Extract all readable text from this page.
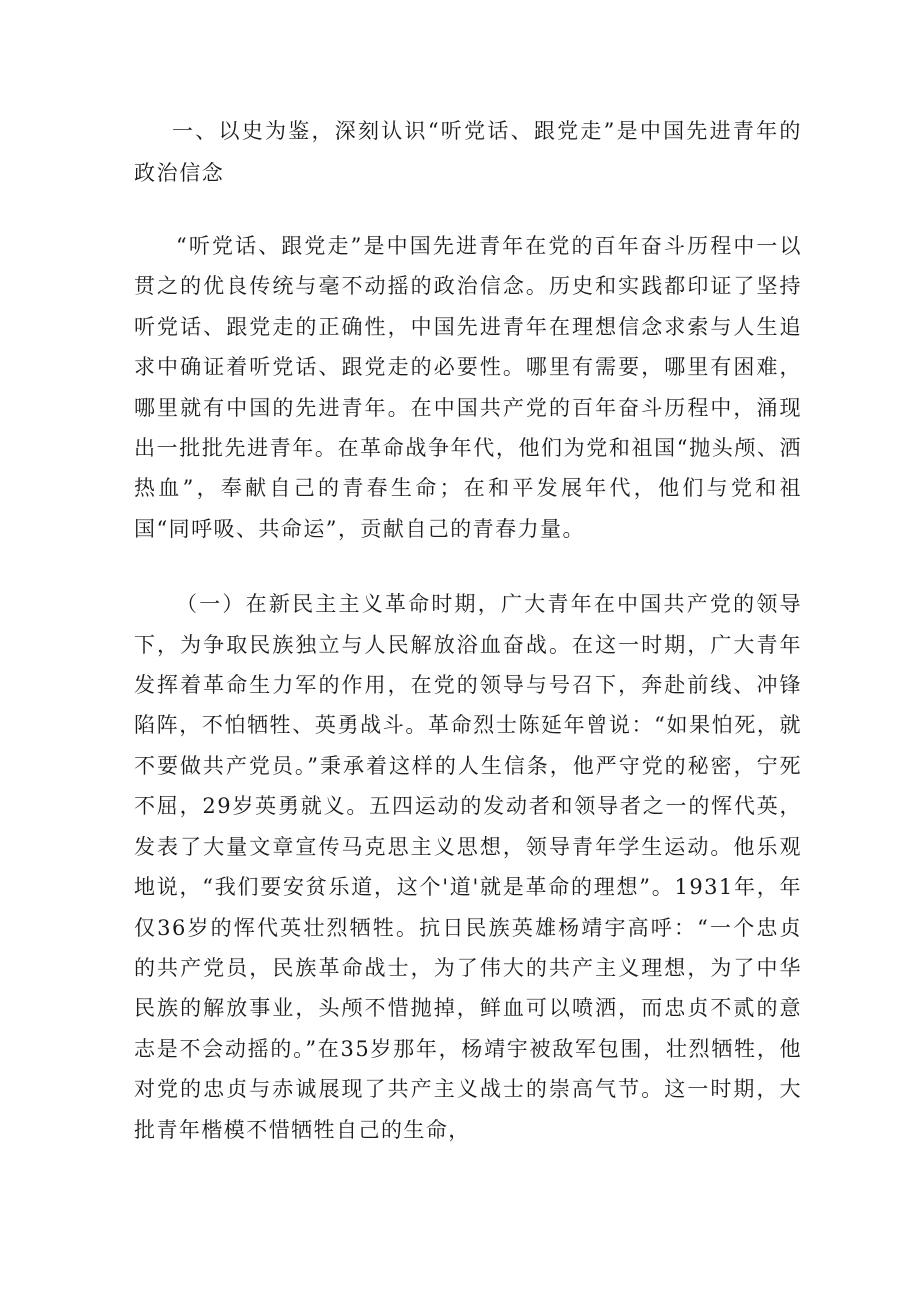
一、以史为鉴，深刻认识“听党话、跟党走”是中国先进青年的政治信念

“听党话、跟党走”是中国先进青年在党的百年奋斗历程中一以贯之的优良传统与毫不动摇的政治信念。历史和实践都印证了坚持听党话、跟党走的正确性，中国先进青年在理想信念求索与人生追求中确证着听党话、跟党走的必要性。哪里有需要，哪里有困难，哪里就有中国的先进青年。在中国共产党的百年奋斗历程中，涌现出一批批先进青年。在革命战争年代，他们为党和祖国“抛头颅、洒热血”，奉献自己的青春生命；在和平发展年代，他们与党和祖国“同呼吸、共命运”，贡献自己的青春力量。

（一）在新民主主义革命时期，广大青年在中国共产党的领导下，为争取民族独立与人民解放浴血奋战。在这一时期，广大青年发挥着革命生力军的作用，在党的领导与号召下，奔赴前线、冲锋陷阵，不怕牺牲、英勇战斗。革命烈士陈延年曾说：“如果怕死，就不要做共产党员。”秉承着这样的人生信条，他严守党的秘密，宁死不屈，29岁英勇就义。五四运动的发动者和领导者之一的恽代英，发表了大量文章宣传马克思主义思想，领导青年学生运动。他乐观地说，“我们要安贫乐道，这个'道'就是革命的理想”。1931年，年仅36岁的恽代英壮烈牺牲。抗日民族英雄杨靖宇高呼：“一个忠贞的共产党员，民族革命战士，为了伟大的共产主义理想，为了中华民族的解放事业，头颅不惜抛掉，鲜血可以喷洒，而忠贞不贰的意志是不会动摇的。”在35岁那年，杨靖宇被敌军包围，壮烈牺牲，他对党的忠贞与赤诚展现了共产主义战士的崇高气节。这一时期，大批青年楷模不惜牺牲自己的生命，
